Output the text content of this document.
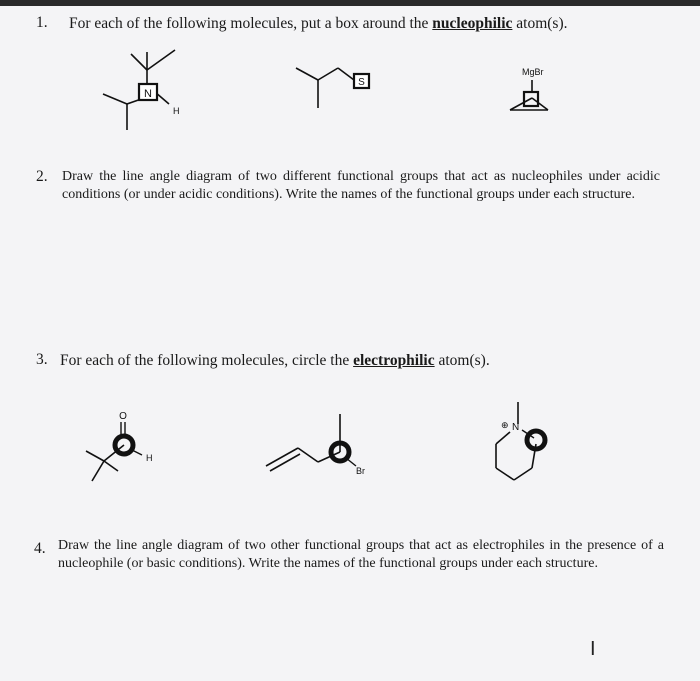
1. For each of the following molecules, put a box around the nucleophilic atom(s).
N
H
S
MgBr
2. Draw the line angle diagram of two different functional groups that act as nucleophiles under acidic conditions (or under acidic conditions). Write the names of the functional groups under each structure.
3. For each of the following molecules, circle the electrophilic atom(s).
O
H
Br
⊕ N
4. Draw the line angle diagram of two other functional groups that act as electrophiles in the presence of a nucleophile (or basic conditions). Write the names of the functional groups under each structure.
I
